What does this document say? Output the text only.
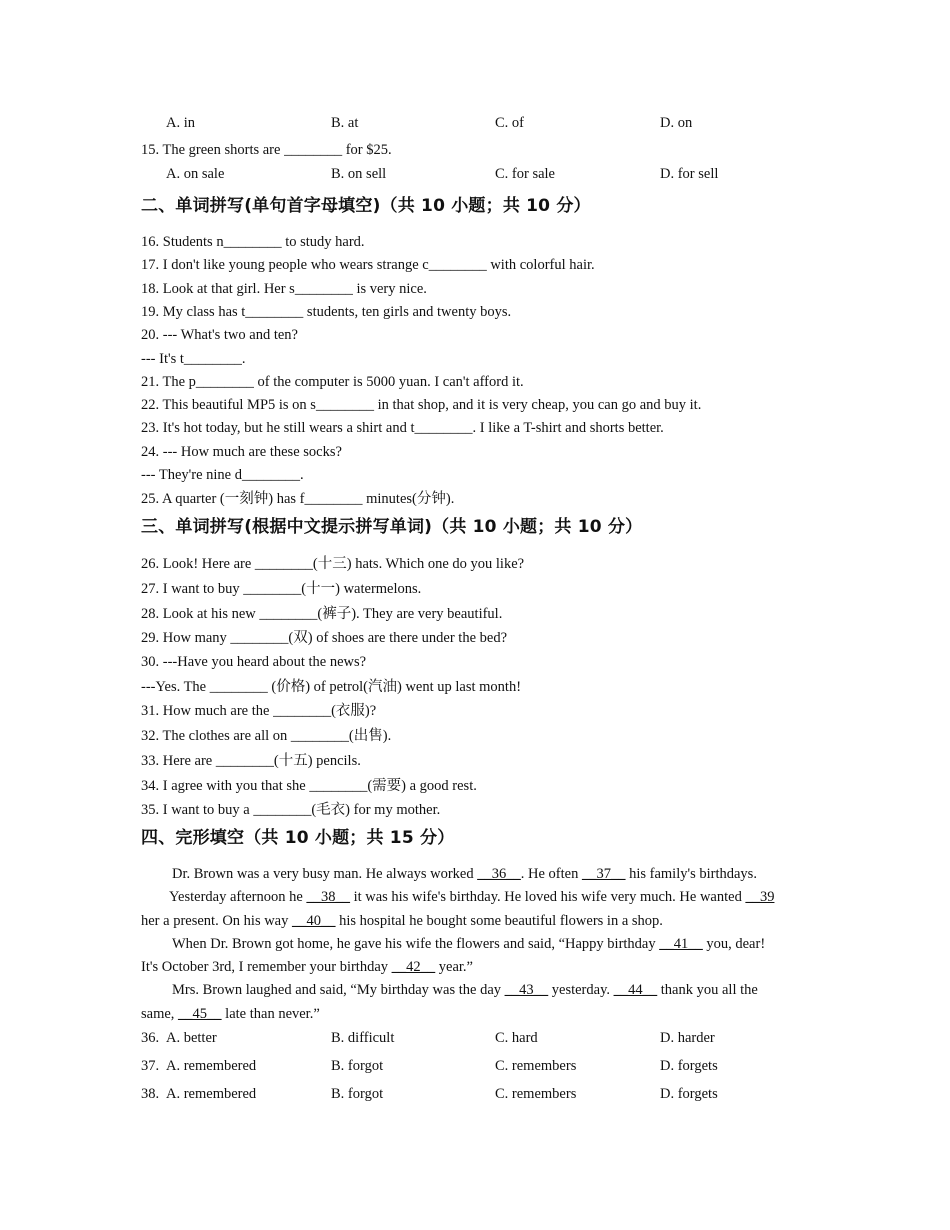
A. in	B. at	C. of	D. on
15. The green shorts are ________ for $25.
A. on sale	B. on sell	C. for sale	D. for sell
二、单词拼写(单句首字母填空)（共 10 小题；共 10 分）
16. Students n________ to study hard.
17. I don't like young people who wears strange c________ with colorful hair.
18. Look at that girl. Her s________ is very nice.
19. My class has t________ students, ten girls and twenty boys.
20. --- What's two and ten?
--- It's t________.
21. The p________ of the computer is 5000 yuan. I can't afford it.
22. This beautiful MP5 is on s________ in that shop, and it is very cheap, you can go and buy it.
23. It's hot today, but he still wears a shirt and t________. I like a T-shirt and shorts better.
24. --- How much are these socks?
--- They're nine d________.
25. A quarter (一刻钟) has f________ minutes(分钟).
三、单词拼写(根据中文提示拼写单词)（共 10 小题；共 10 分）
26. Look! Here are ________(十三) hats. Which one do you like?
27. I want to buy ________(十一) watermelons.
28. Look at his new ________(裤子). They are very beautiful.
29. How many ________(双) of shoes are there under the bed?
30. ---Have you heard about the news?
---Yes. The ________ (价格) of petrol(汽油) went up last month!
31. How much are the ________(衣服)?
32. The clothes are all on ________(出售).
33. Here are ________(十五) pencils.
34. I agree with you that she ________(需要) a good rest.
35. I want to buy a ________(毛衣) for my mother.
四、完形填空（共 10 小题；共 15 分）
Dr. Brown was a very busy man. He always worked __36__. He often __37__ his family's birthdays.
Yesterday afternoon he __38__ it was his wife's birthday. He loved his wife very much. He wanted __39
her a present. On his way __40__ his hospital he bought some beautiful flowers in a shop.
When Dr. Brown got home, he gave his wife the flowers and said, “Happy birthday __41__ you, dear!
It's October 3rd, I remember your birthday __42__ year.”
Mrs. Brown laughed and said, “My birthday was the day __43__ yesterday. __44__ thank you all the
same, __45__ late than never.”
36. A. better	B. difficult	C. hard	D. harder
37. A. remembered	B. forgot	C. remembers	D. forgets
38. A. remembered	B. forgot	C. remembers	D. forgets
